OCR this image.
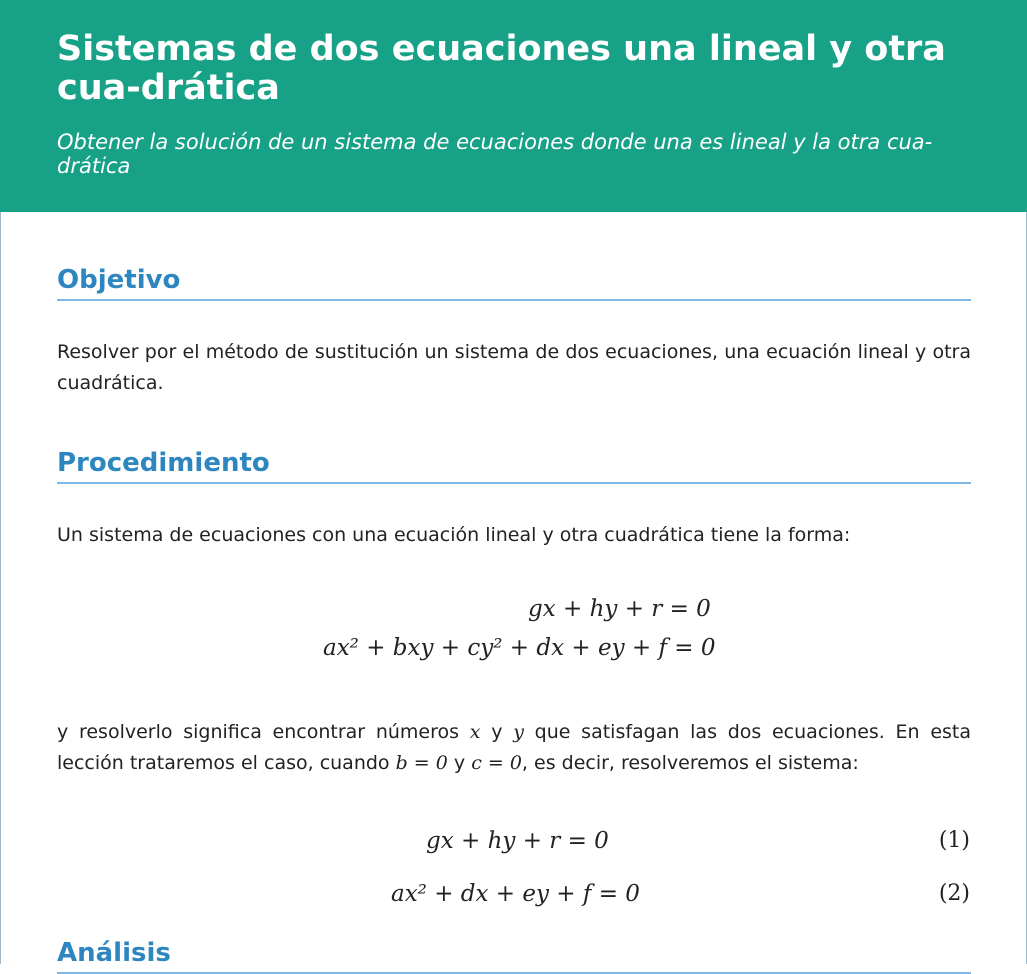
Sistemas de dos ecuaciones una lineal y otra cua-drática

Obtener la solución de un sistema de ecuaciones donde una es lineal y la otra cua-drática

Objetivo

Resolver por el método de sustitución un sistema de dos ecuaciones, una ecuación lineal y otra cuadrática.

Procedimiento

Un sistema de ecuaciones con una ecuación lineal y otra cuadrática tiene la forma:

gx + hy + r = 0
ax² + bxy + cy² + dx + ey + f = 0

y resolverlo significa encontrar números x y y que satisfagan las dos ecuaciones. En esta lección trataremos el caso, cuando b = 0 y c = 0, es decir, resolveremos el sistema:

gx + hy + r = 0	(1)
ax² + dx + ey + f = 0	(2)
Análisis
